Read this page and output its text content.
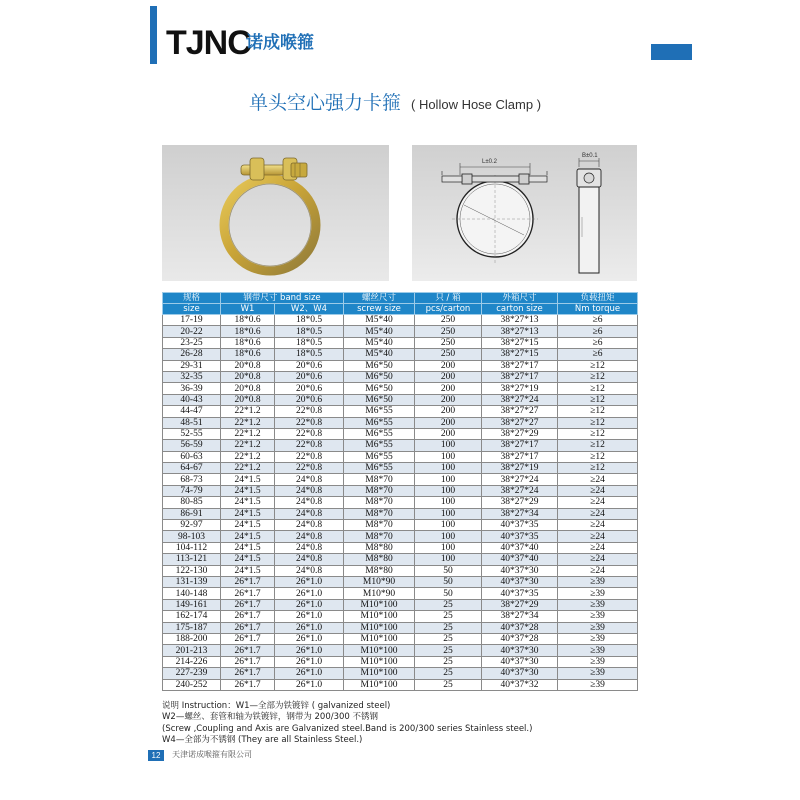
TJNC
诺成喉箍
单头空心强力卡箍 ( Hollow Hose Clamp )
L±0.2
B±0.1
规格	钢带尺寸 band size		螺丝尺寸	只 / 箱	外箱尺寸	负载扭矩
size	W1	W2、W4	screw size	pcs/carton	carton size	Nm torque
17-19	18*0.6	18*0.5	M5*40	250	38*27*13	≥6
20-22	18*0.6	18*0.5	M5*40	250	38*27*13	≥6
23-25	18*0.6	18*0.5	M5*40	250	38*27*15	≥6
26-28	18*0.6	18*0.5	M5*40	250	38*27*15	≥6
29-31	20*0.8	20*0.6	M6*50	200	38*27*17	≥12
32-35	20*0.8	20*0.6	M6*50	200	38*27*17	≥12
36-39	20*0.8	20*0.6	M6*50	200	38*27*19	≥12
40-43	20*0.8	20*0.6	M6*50	200	38*27*24	≥12
44-47	22*1.2	22*0.8	M6*55	200	38*27*27	≥12
48-51	22*1.2	22*0.8	M6*55	200	38*27*27	≥12
52-55	22*1.2	22*0.8	M6*55	200	38*27*29	≥12
56-59	22*1.2	22*0.8	M6*55	100	38*27*17	≥12
60-63	22*1.2	22*0.8	M6*55	100	38*27*17	≥12
64-67	22*1.2	22*0.8	M6*55	100	38*27*19	≥12
68-73	24*1.5	24*0.8	M8*70	100	38*27*24	≥24
74-79	24*1.5	24*0.8	M8*70	100	38*27*24	≥24
80-85	24*1.5	24*0.8	M8*70	100	38*27*29	≥24
86-91	24*1.5	24*0.8	M8*70	100	38*27*34	≥24
92-97	24*1.5	24*0.8	M8*70	100	40*37*35	≥24
98-103	24*1.5	24*0.8	M8*70	100	40*37*35	≥24
104-112	24*1.5	24*0.8	M8*80	100	40*37*40	≥24
113-121	24*1.5	24*0.8	M8*80	100	40*37*40	≥24
122-130	24*1.5	24*0.8	M8*80	50	40*37*30	≥24
131-139	26*1.7	26*1.0	M10*90	50	40*37*30	≥39
140-148	26*1.7	26*1.0	M10*90	50	40*37*35	≥39
149-161	26*1.7	26*1.0	M10*100	25	38*27*29	≥39
162-174	26*1.7	26*1.0	M10*100	25	38*27*34	≥39
175-187	26*1.7	26*1.0	M10*100	25	40*37*28	≥39
188-200	26*1.7	26*1.0	M10*100	25	40*37*28	≥39
201-213	26*1.7	26*1.0	M10*100	25	40*37*30	≥39
214-226	26*1.7	26*1.0	M10*100	25	40*37*30	≥39
227-239	26*1.7	26*1.0	M10*100	25	40*37*30	≥39
240-252	26*1.7	26*1.0	M10*100	25	40*37*32	≥39
说明 Instruction：W1—全部为铁镀锌 ( galvanized steel)
W2—螺丝、套管和轴为铁镀锌，钢带为 200/300 不锈钢
(Screw ,Coupling and Axis are Galvanized steel.Band is 200/300 series Stainless steel.)
W4—全部为不锈钢 (They are all Stainless Steel.)
12	天津诺成喉箍有限公司
